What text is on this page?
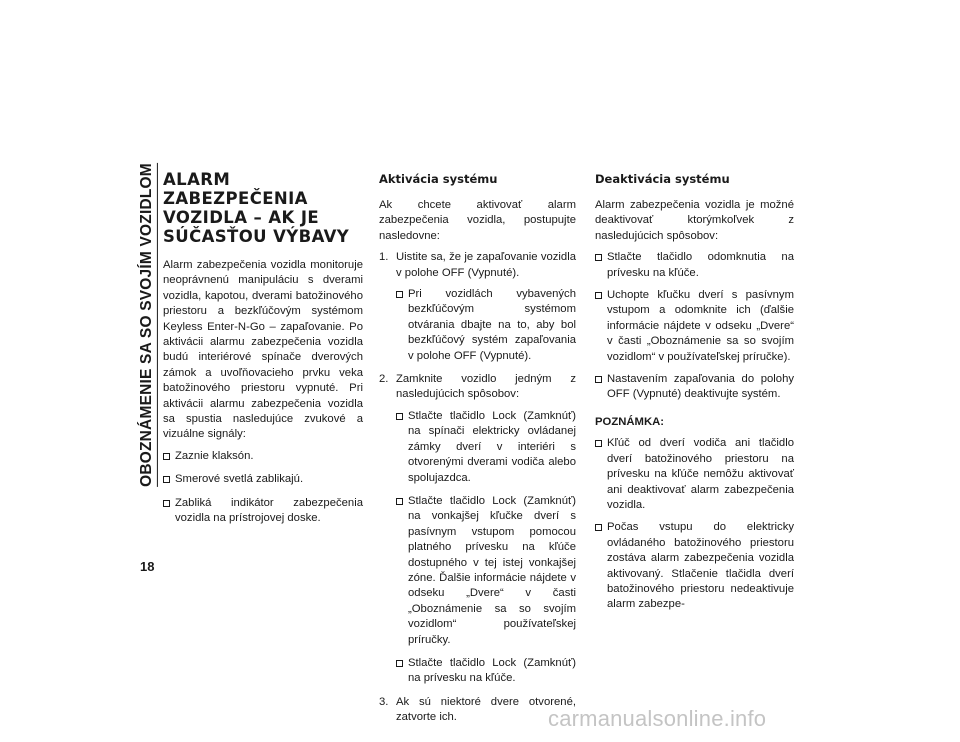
OBOZNÁMENIE SA SO SVOJÍM VOZIDLOM
18
ALARM ZABEZPEČENIA VOZIDLA – AK JE SÚČASŤOU VÝBAVY

Alarm zabezpečenia vozidla monitoruje neoprávnenú manipuláciu s dverami vozidla, kapotou, dverami batožinového priestoru a bezkľúčovým systémom Keyless Enter-N-Go – zapaľovanie. Po aktivácii alarmu zabezpečenia vozidla budú interiérové spínače dverových zámok a uvoľňovacieho prvku veka batožinového priestoru vypnuté. Pri aktivácii alarmu zabezpečenia vozidla sa spustia nasledujúce zvukové a vizuálne signály:

Zaznie klaksón.
Smerové svetlá zablikajú.
Zabliká indikátor zabezpečenia vozidla na prístrojovej doske.
Aktivácia systému

Ak chcete aktivovať alarm zabezpečenia vozidla, postupujte nasledovne:

1. Uistite sa, že je zapaľovanie vozidla v polohe OFF (Vypnuté).
Pri vozidlách vybavených bezkľúčovým systémom otvárania dbajte na to, aby bol bezkľúčový systém zapaľovania v polohe OFF (Vypnuté).
2. Zamknite vozidlo jedným z nasledujúcich spôsobov:
Stlačte tlačidlo Lock (Zamknúť) na spínači elektricky ovládanej zámky dverí v interiéri s otvorenými dverami vodiča alebo spolujazdca.
Stlačte tlačidlo Lock (Zamknúť) na vonkajšej kľučke dverí s pasívnym vstupom pomocou platného prívesku na kľúče dostupného v tej istej vonkajšej zóne. Ďalšie informácie nájdete v odseku „Dvere“ v časti „Oboznámenie sa so svojím vozidlom“ používateľskej príručky.
Stlačte tlačidlo Lock (Zamknúť) na prívesku na kľúče.
3. Ak sú niektoré dvere otvorené, zatvorte ich.
Deaktivácia systému

Alarm zabezpečenia vozidla je možné deaktivovať ktorýmkoľvek z nasledujúcich spôsobov:

Stlačte tlačidlo odomknutia na prívesku na kľúče.
Uchopte kľučku dverí s pasívnym vstupom a odomknite ich (ďalšie informácie nájdete v odseku „Dvere“ v časti „Oboznámenie sa so svojím vozidlom“ v používateľskej príručke).
Nastavením zapaľovania do polohy OFF (Vypnuté) deaktivujte systém.
POZNÁMKA:
Kľúč od dverí vodiča ani tlačidlo dverí batožinového priestoru na prívesku na kľúče nemôžu aktivovať ani deaktivovať alarm zabezpečenia vozidla.
Počas vstupu do elektricky ovládaného batožinového priestoru zostáva alarm zabezpečenia vozidla aktivovaný. Stlačenie tlačidla dverí batožinového priestoru nedeaktivuje alarm zabezpe-
carmanualsonline.info
